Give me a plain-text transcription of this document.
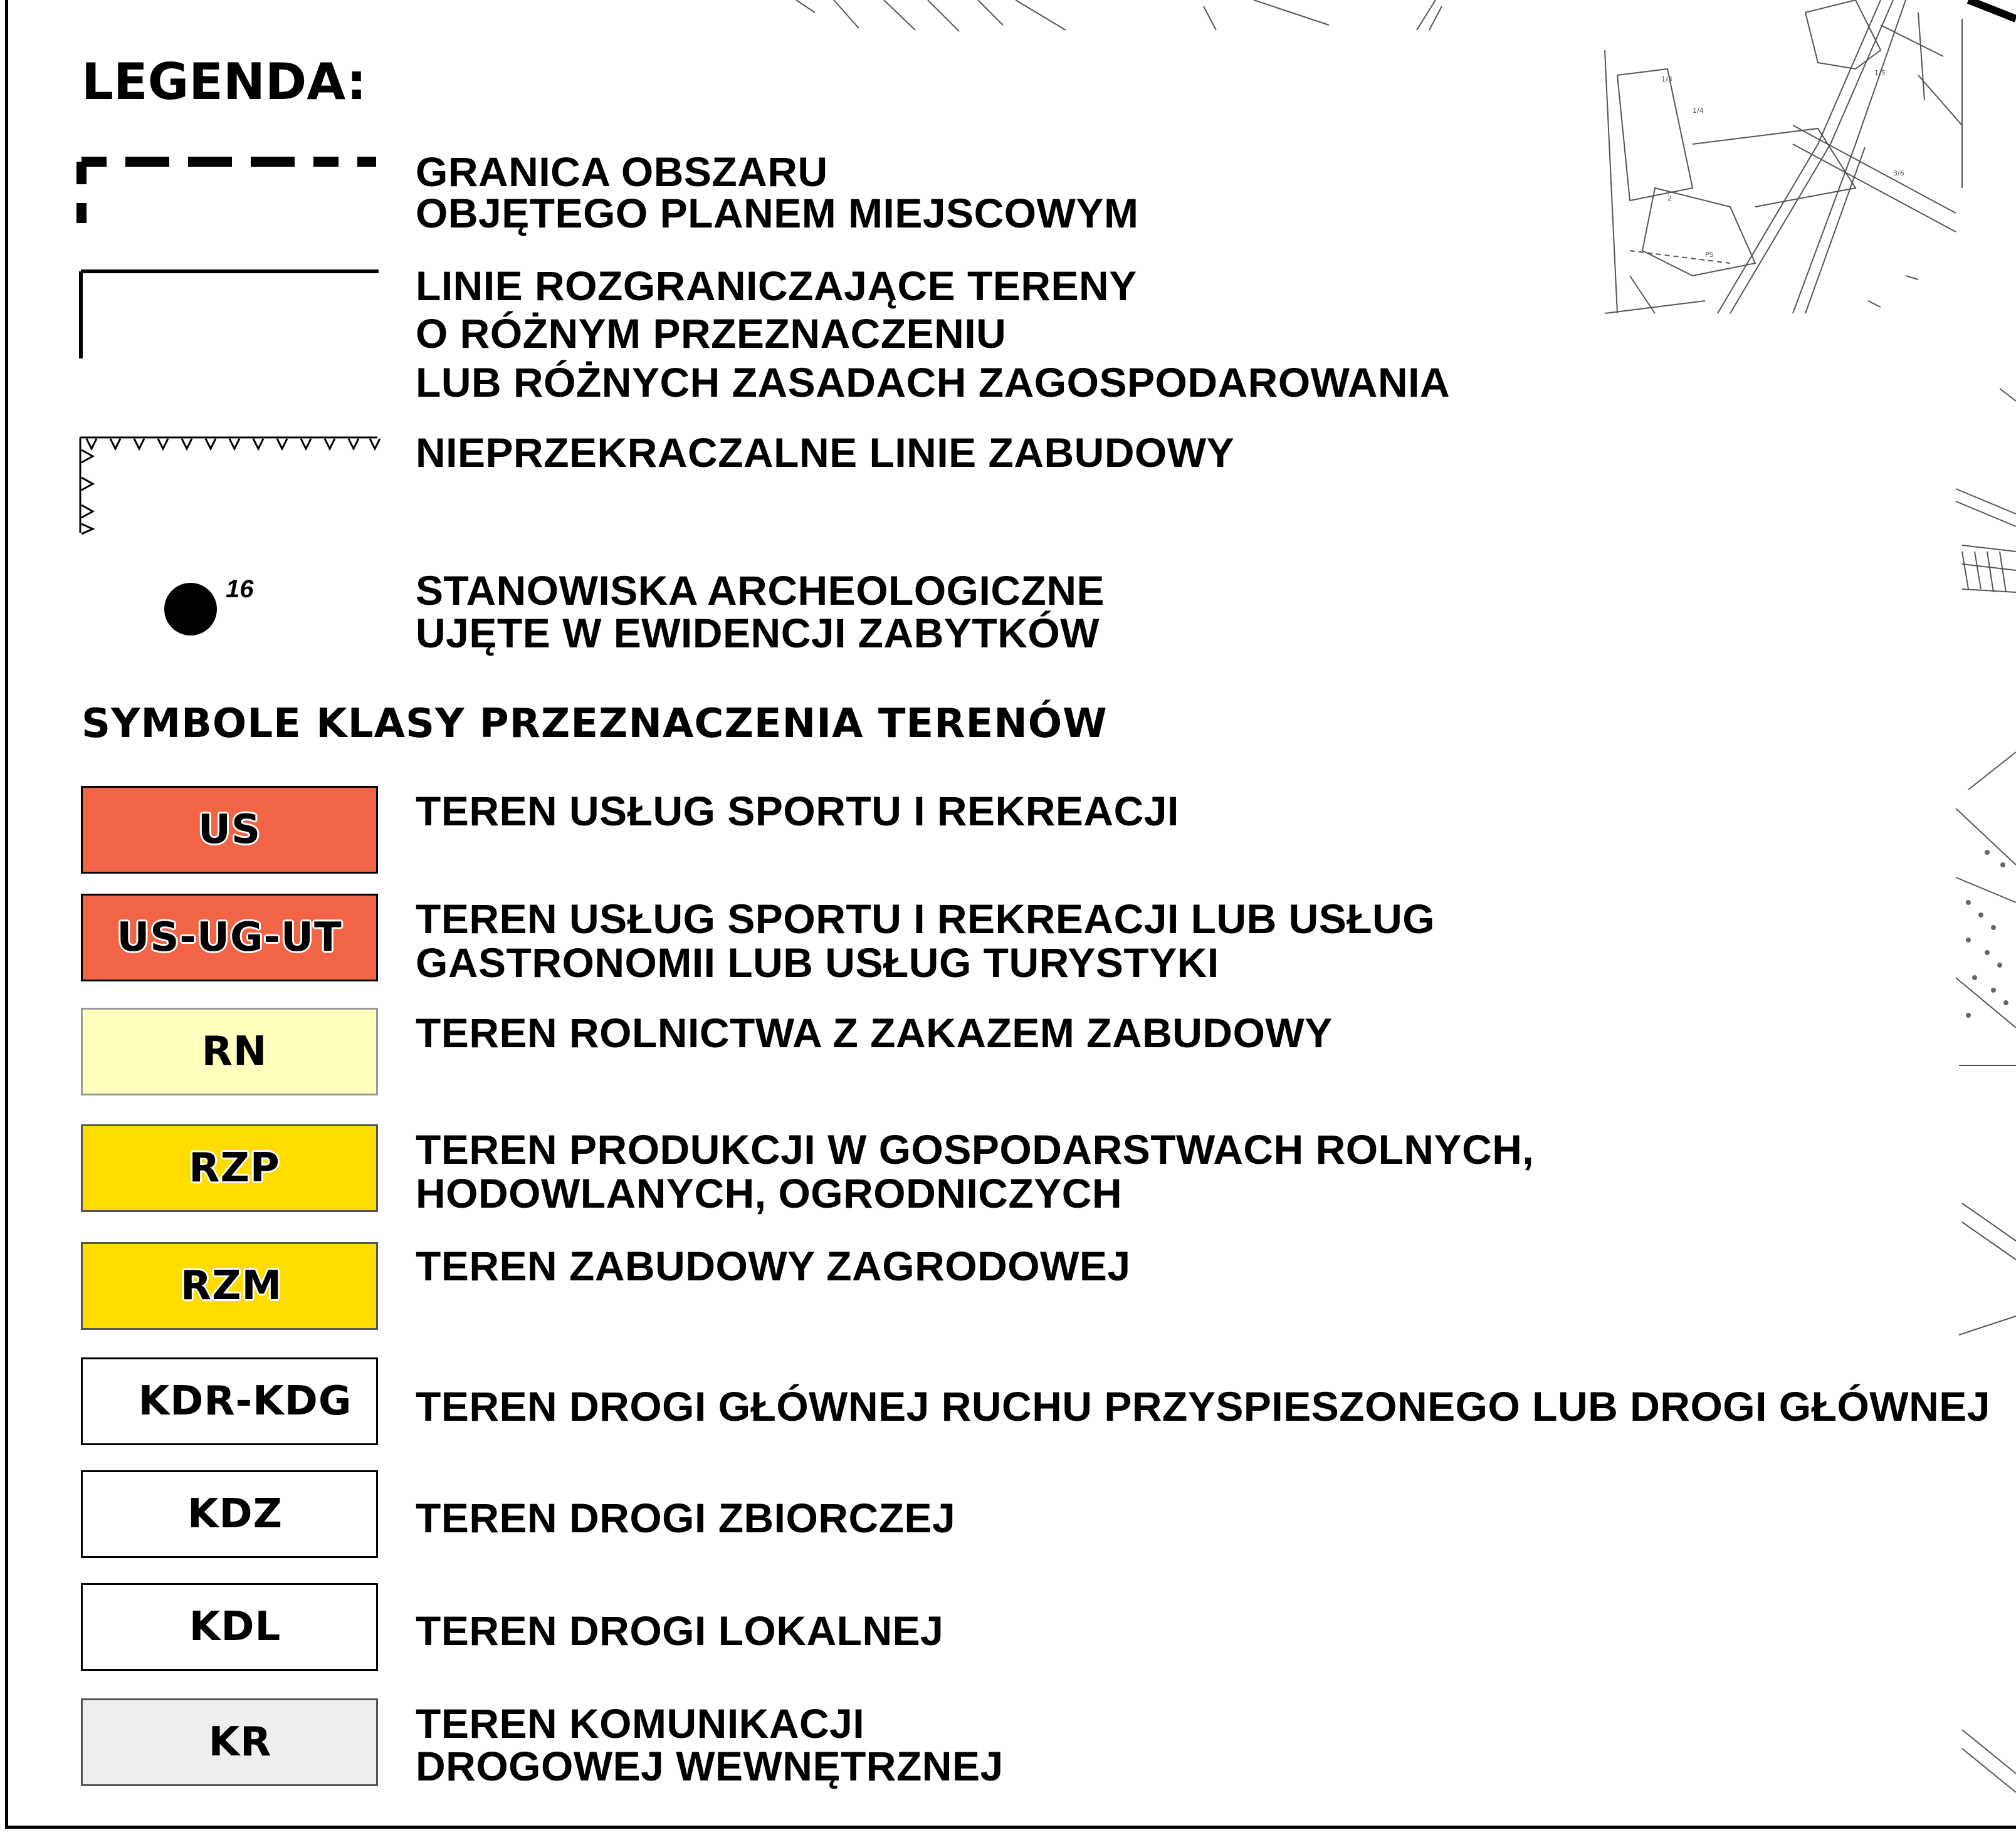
1/3
1/4
2
1/5
3/6
PS
LEGENDA:
GRANICA OBSZARU
OBJĘTEGO PLANEM MIEJSCOWYM
LINIE ROZGRANICZAJĄCE TERENY
O RÓŻNYM PRZEZNACZENIU
LUB RÓŻNYCH ZASADACH ZAGOSPODAROWANIA
NIEPRZEKRACZALNE LINIE ZABUDOWY
16	STANOWISKA ARCHEOLOGICZNE
UJĘTE W EWIDENCJI ZABYTKÓW
SYMBOLE KLASY PRZEZNACZENIA TERENÓW
US	TEREN USŁUG SPORTU I REKREACJI
US-UG-UT TEREN USŁUG SPORTU I REKREACJI LUB USŁUG
GASTRONOMII LUB USŁUG TURYSTYKI
RN	TEREN ROLNICTWA Z ZAKAZEM ZABUDOWY
RZP	TEREN PRODUKCJI W GOSPODARSTWACH ROLNYCH,
HODOWLANYCH, OGRODNICZYCH
RZM	TEREN ZABUDOWY ZAGRODOWEJ
KDR-KDG TEREN DROGI GŁÓWNEJ RUCHU PRZYSPIESZONEGO LUB DROGI GŁÓWNEJ
KDZ	TEREN DROGI ZBIORCZEJ
KDL	TEREN DROGI LOKALNEJ
KR	TEREN KOMUNIKACJI
DROGOWEJ WEWNĘTRZNEJ
